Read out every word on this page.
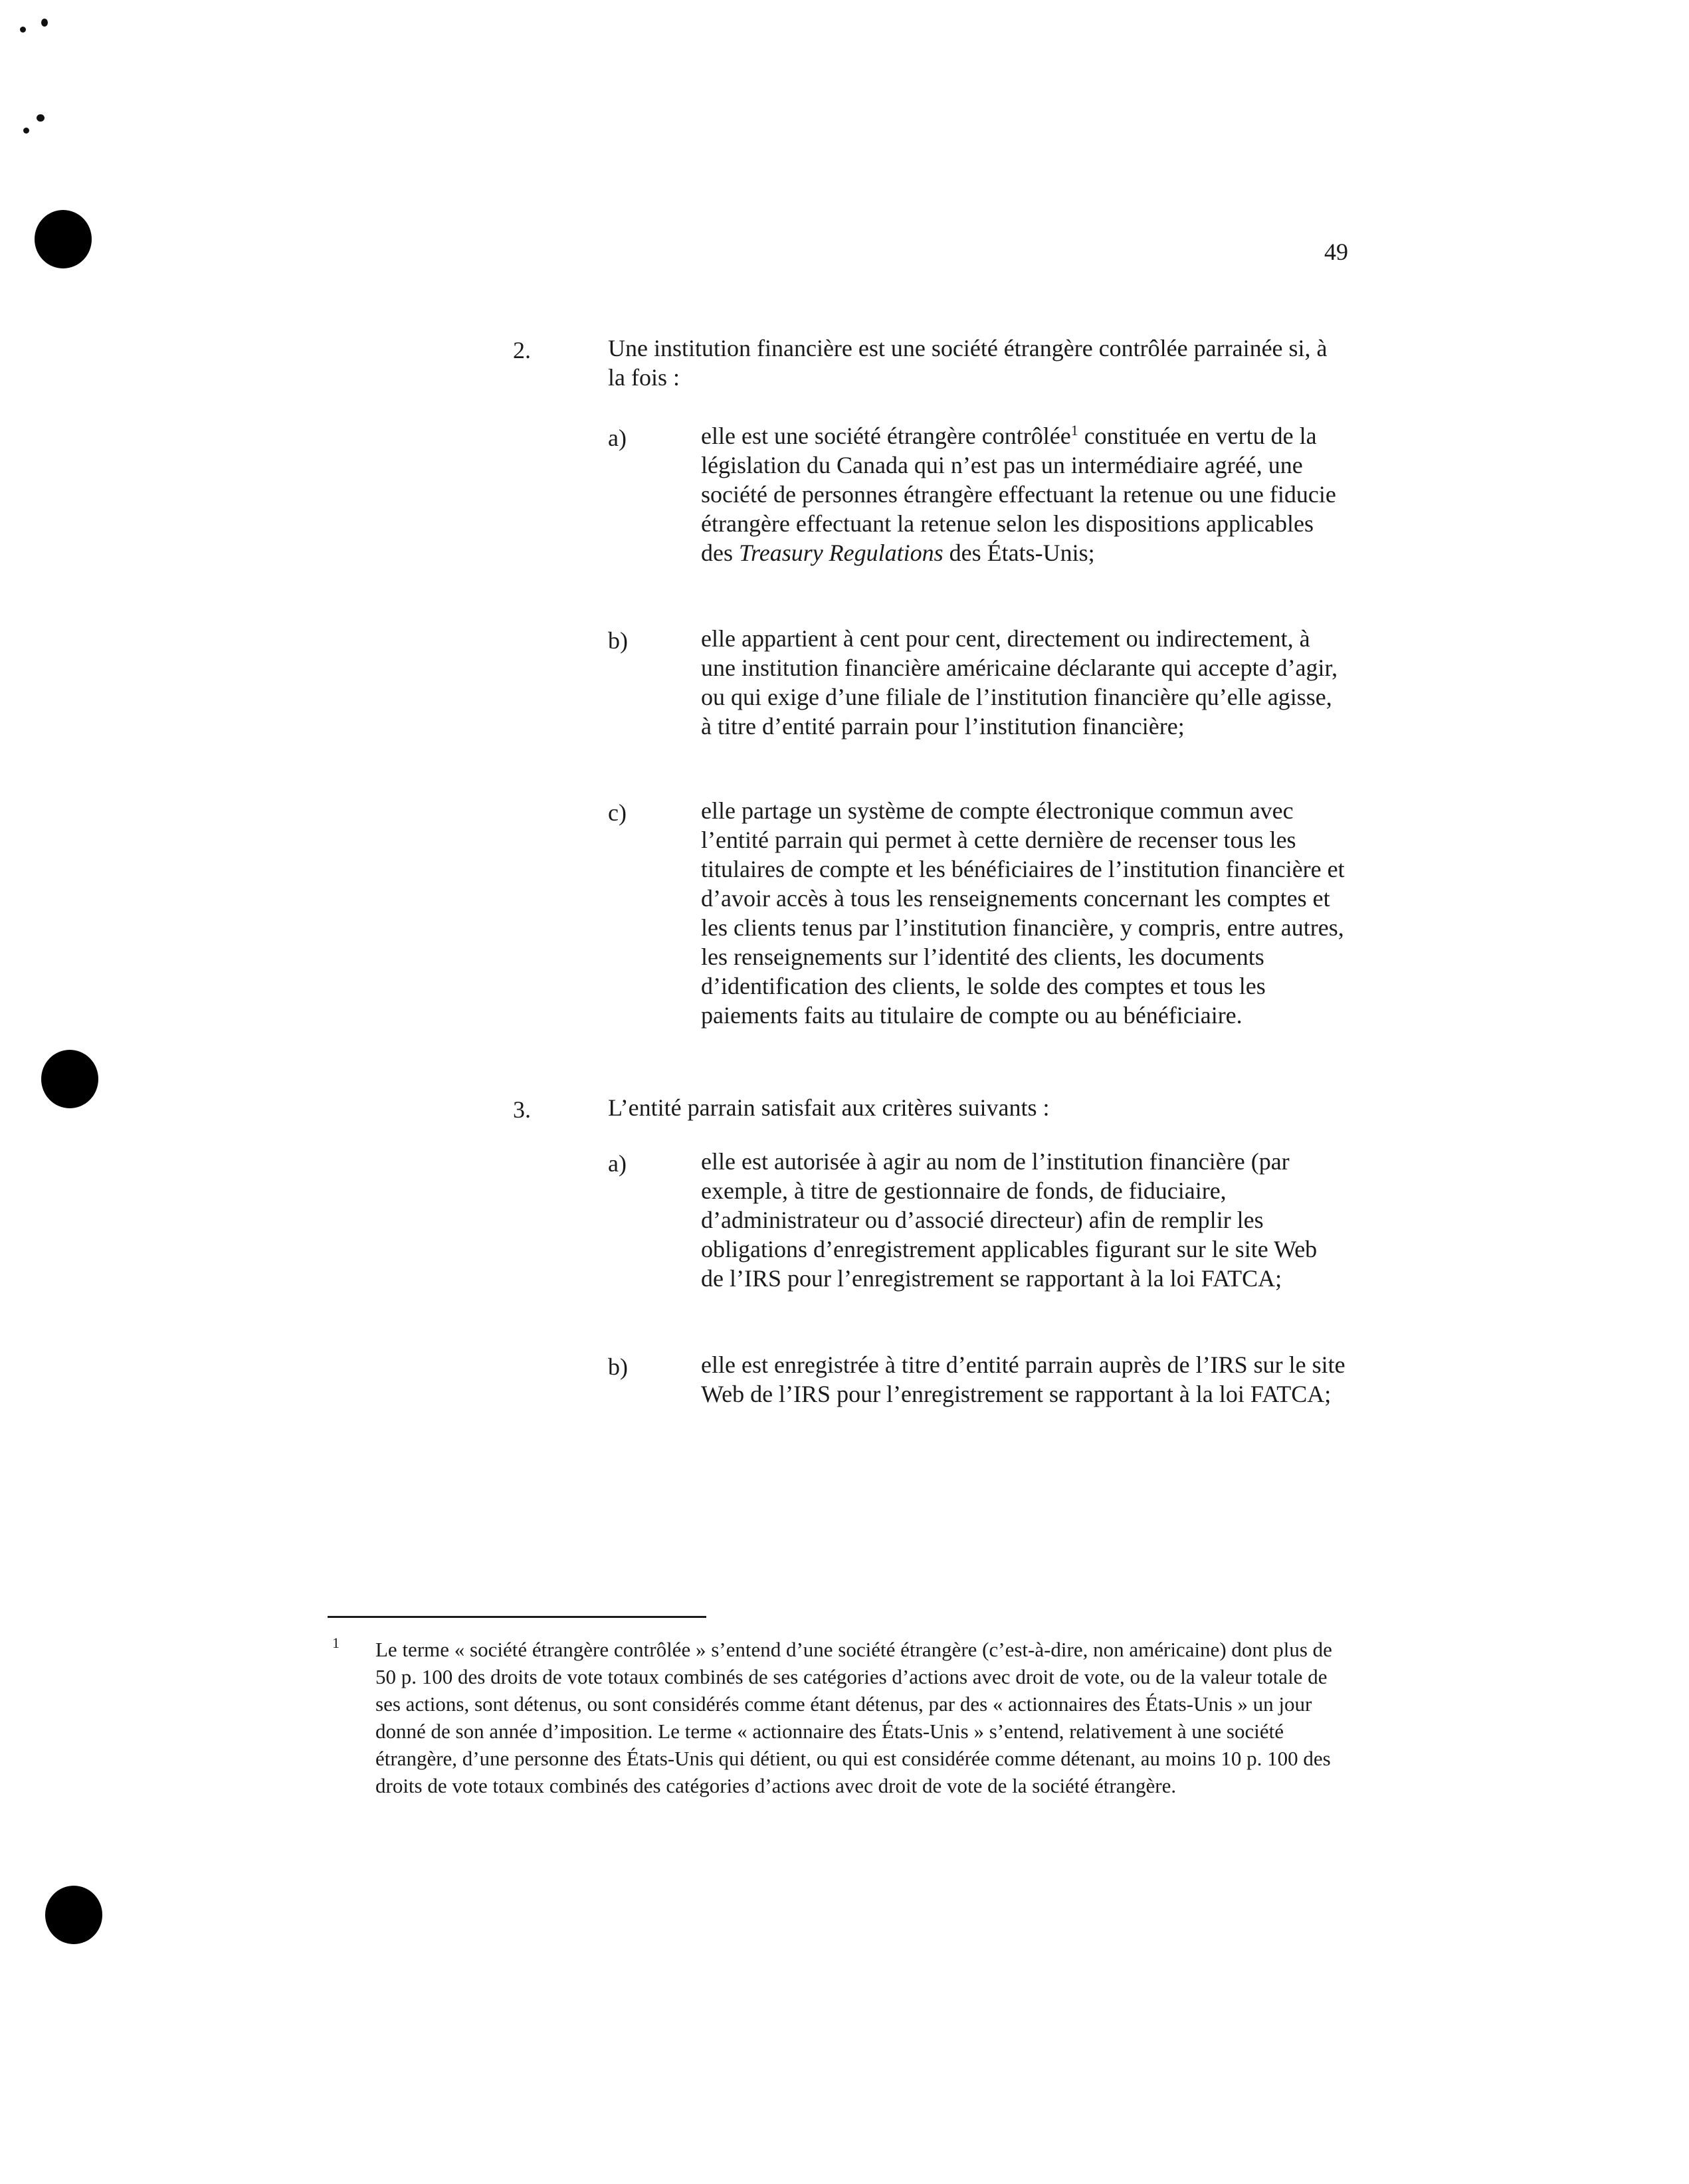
49
2.	Une institution financière est une société étrangère contrôlée parrainée si, à la fois :
a)	elle est une société étrangère contrôlée$^1$ constituée en vertu de la législation du Canada qui n’est pas un intermédiaire agréé, une société de personnes étrangère effectuant la retenue ou une fiducie étrangère effectuant la retenue selon les dispositions applicables des Treasury Regulations des États-Unis;
b)	elle appartient à cent pour cent, directement ou indirectement, à une institution financière américaine déclarante qui accepte d’agir, ou qui exige d’une filiale de l’institution financière qu’elle agisse, à titre d’entité parrain pour l’institution financière;
c)	elle partage un système de compte électronique commun avec l’entité parrain qui permet à cette dernière de recenser tous les titulaires de compte et les bénéficiaires de l’institution financière et d’avoir accès à tous les renseignements concernant les comptes et les clients tenus par l’institution financière, y compris, entre autres, les renseignements sur l’identité des clients, les documents d’identification des clients, le solde des comptes et tous les paiements faits au titulaire de compte ou au bénéficiaire.
3.	L’entité parrain satisfait aux critères suivants :
a)	elle est autorisée à agir au nom de l’institution financière (par exemple, à titre de gestionnaire de fonds, de fiduciaire, d’administrateur ou d’associé directeur) afin de remplir les obligations d’enregistrement applicables figurant sur le site Web de l’IRS pour l’enregistrement se rapportant à la loi FATCA;
b)	elle est enregistrée à titre d’entité parrain auprès de l’IRS sur le site Web de l’IRS pour l’enregistrement se rapportant à la loi FATCA;
1 Le terme « société étrangère contrôlée » s’entend d’une société étrangère (c’est-à-dire, non américaine) dont plus de 50 p. 100 des droits de vote totaux combinés de ses catégories d’actions avec droit de vote, ou de la valeur totale de ses actions, sont détenus, ou sont considérés comme étant détenus, par des « actionnaires des États-Unis » un jour donné de son année d’imposition. Le terme « actionnaire des États-Unis » s’entend, relativement à une société étrangère, d’une personne des États-Unis qui détient, ou qui est considérée comme détenant, au moins 10 p. 100 des droits de vote totaux combinés des catégories d’actions avec droit de vote de la société étrangère.
